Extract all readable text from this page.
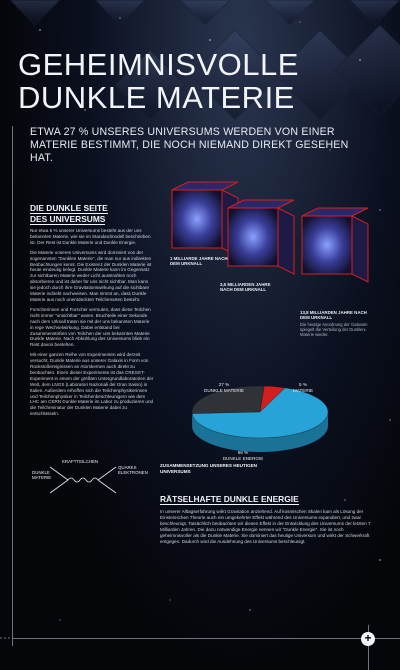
GEHEIMNISVOLLE
DUNKLE MATERIE
ETWA 27 % UNSERES UNIVERSUMS WERDEN VON EINER MATERIE BESTIMMT, DIE NOCH NIEMAND DIREKT GESEHEN HAT.
DIE DUNKLE SEITE
DES UNIVERSUMS

Nur etwa 5 % unserer Universums besteht aus der uns bekannten Materie, wie sie im Standardmodell beschrieben ist. Der Rest ist Dunkle Materie und Dunkle Energie.

Die Materie unseres Universums wird dominiert von der sogenannten "Dunklen Materie", die man nur aus indirekten Beobachtungen kennt. Die Existenz der Dunklen Materie ist heute eindeutig belegt. Dunkle Materie kann im Gegensatz zur sichtbaren Materie weder Licht ausstrahlen noch absorbieren und ist daher für uns nicht sichtbar. Man kann sie jedoch durch ihre Gravitationswirkung auf die sichtbare Materie indirekt nachweisen. Man nimmt an, dass Dunkle Materie aus noch unentdeckten Teilchenarten besteht.

Forscherinnen und Forscher vermuten, dass diese Teilchen nicht immer "unsichtbar" waren. Bruchteile einer Sekunde nach dem Urknall traten sie mit der uns bekannten Materie in rege Wechselwirkung. Dabei entstand bei Zusammenstößen von Teilchen der uns bekannten Materie Dunkle Materie. Nach Abkühlung des Universums blieb ein Rest davon bestehen.

Mit einer ganzen Reihe von Experimenten wird derzeit versucht, Dunkle Materie aus unserer Galaxis in Form von Rückstoßereignissen an Atomkernen auch direkt zu beobachten. Einen dieser Experimente ist das CRESST-Experiment in einem der größten Untergrundlaboratorien der Welt, dem LNGS (Laboratori Nazionali del Gran Sasso) in Italien. Außerdem erhoffen sich die Teilchenphysikerinnen und Teilchenphysiker in Teilchenbeschleunigern wie dem LHC am CERN Dunkle Materie im Labor zu produzieren und die Teilcheninatur der Dunklen Materie dabei zu entschlüsseln.

1 MILLIARDE JAHRE NACH DEM URKNALL
3,5 MILLIARDEN JAHRE NACH DEM URKNALL
13,8 MILLIARDEN JAHRE NACH DEM URKNALL
Die heutige Anordnung der Galaxien spiegelt die Verteilung der Dunklen Materie wieder.
27 %
DUNKLE MATERIE
5 %
MATERIE
68 %
DUNKLE ENERGIE
ZUSAMMENSETZUNG UNSERES HEUTIGEN UNIVERSUMS
DUNKLE MATERIE
KRAFTTEILCHEN
QUARKS ELEKTRONEN
RÄTSELHAFTE DUNKLE ENERGIE
In unserer Alltagserfahrung wirkt Gravitation anziehend. Auf kosmischen Skalen kam als Lösung der Einsteinschen Theorie auch ein umgekehrter Effekt während des Universums expandiert, und zwar beschleunigt. Tatsächlich beobachten wir diesen Effekt in der Entwicklung des Universums der letzten 7 Milliarden Jahren. Die dazu notwendige Energie nennen wir "Dunkle Energie". Sie ist noch geheimnisvoller als die Dunkle Materie. Sie dominiert das heutige Universum und wirkt der Schwerkraft entgegen. Dadurch wird die Ausdehnung des Universums beschleunigt.
+
